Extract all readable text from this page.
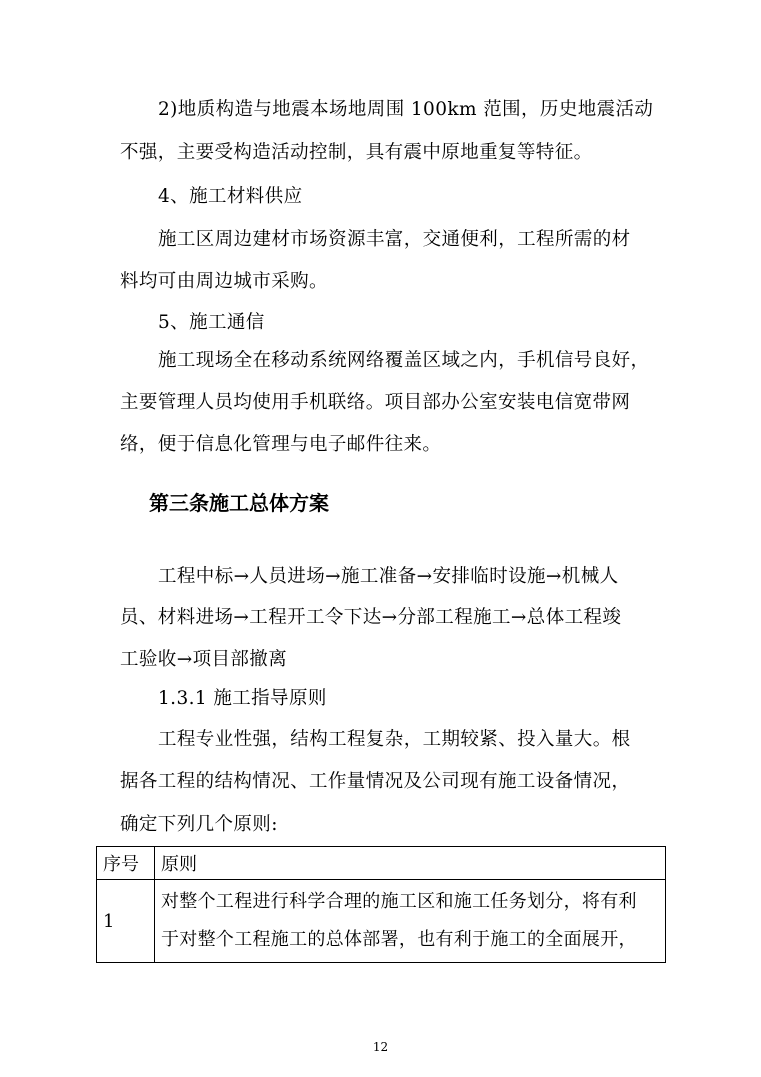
2)地质构造与地震本场地周围 100km 范围，历史地震活动
不强，主要受构造活动控制，具有震中原地重复等特征。
4、施工材料供应
施工区周边建材市场资源丰富，交通便利，工程所需的材
料均可由周边城市采购。
5、施工通信
施工现场全在移动系统网络覆盖区域之内，手机信号良好，
主要管理人员均使用手机联络。项目部办公室安装电信宽带网
络，便于信息化管理与电子邮件往来。
第三条施工总体方案
工程中标→人员进场→施工准备→安排临时设施→机械人
员、材料进场→工程开工令下达→分部工程施工→总体工程竣
工验收→项目部撤离
1.3.1 施工指导原则
工程专业性强，结构工程复杂，工期较紧、投入量大。根
据各工程的结构情况、工作量情况及公司现有施工设备情况，
确定下列几个原则:
序号	原则
1	对整个工程进行科学合理的施工区和施工任务划分，将有利
于对整个工程施工的总体部署，也有利于施工的全面展开，
12
